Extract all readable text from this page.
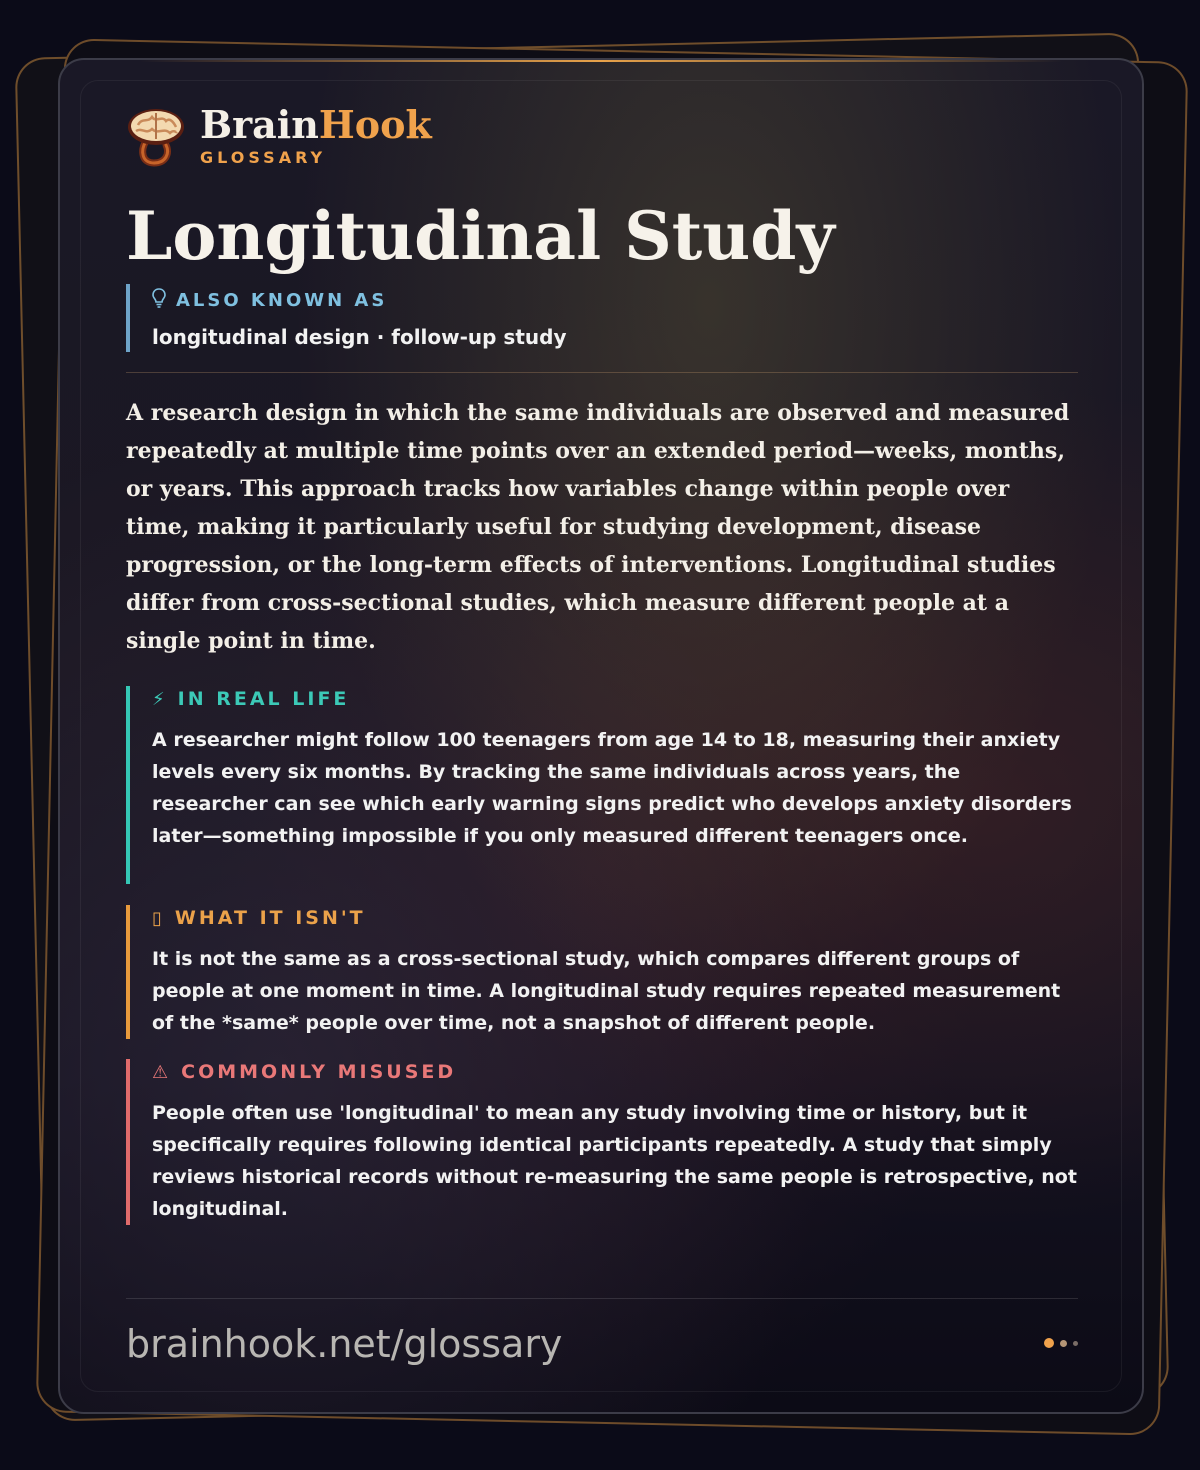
BrainHook
GLOSSARY
Longitudinal Study
ALSO KNOWN AS
longitudinal design · follow-up study
A research design in which the same individuals are observed and measured repeatedly at multiple time points over an extended period—weeks, months, or years. This approach tracks how variables change within people over time, making it particularly useful for studying development, disease progression, or the long-term effects of interventions. Longitudinal studies differ from cross-sectional studies, which measure different people at a single point in time.
⚡ IN REAL LIFE
A researcher might follow 100 teenagers from age 14 to 18, measuring their anxiety levels every six months. By tracking the same individuals across years, the researcher can see which early warning signs predict who develops anxiety disorders later—something impossible if you only measured different teenagers once.
▯ WHAT IT ISN'T
It is not the same as a cross-sectional study, which compares different groups of people at one moment in time. A longitudinal study requires repeated measurement of the *same* people over time, not a snapshot of different people.
⚠ COMMONLY MISUSED
People often use 'longitudinal' to mean any study involving time or history, but it specifically requires following identical participants repeatedly. A study that simply reviews historical records without re-measuring the same people is retrospective, not longitudinal.
brainhook.net/glossary
